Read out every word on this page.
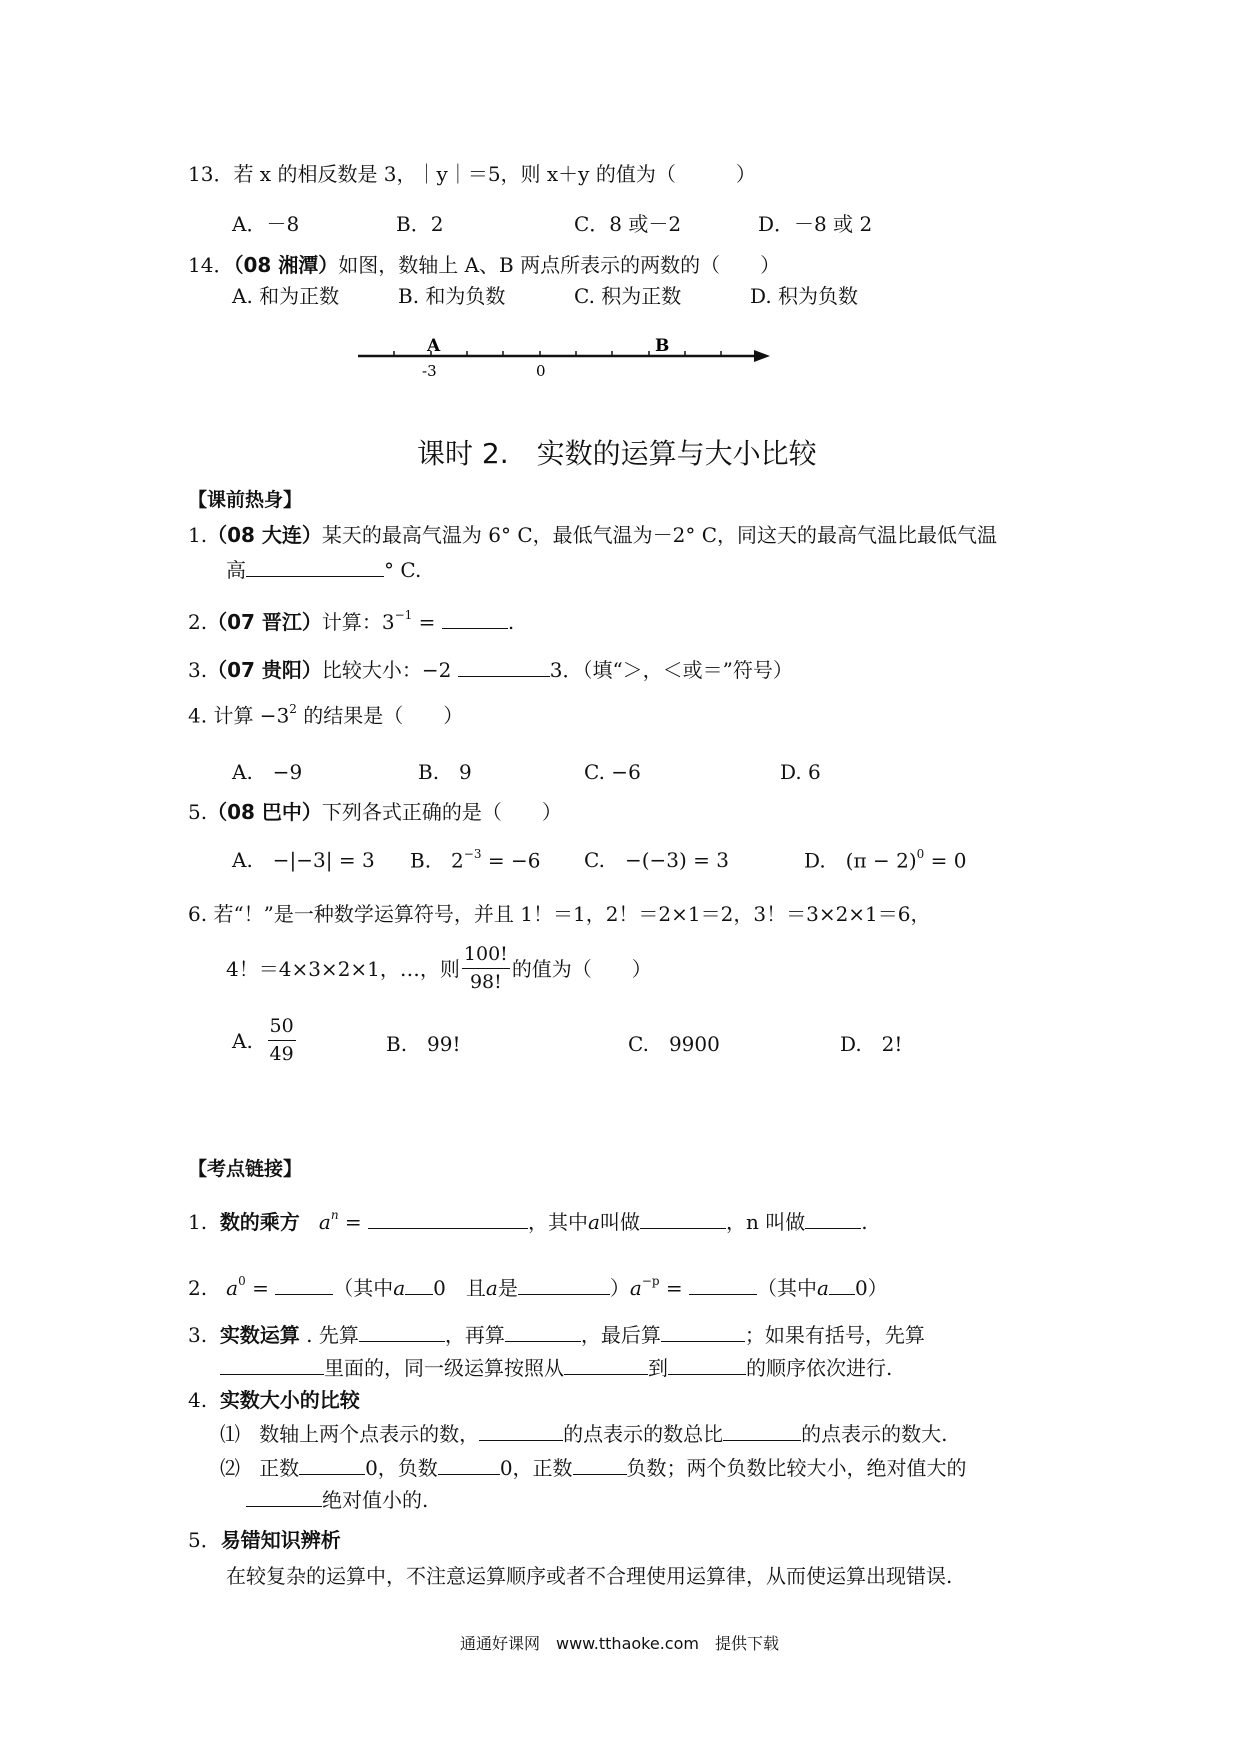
13．若 x 的相反数是 3，｜y｜＝5，则 x＋y 的值为（　　　）
A．－8	B．2	C．8 或－2	D．－8 或 2
14．（08 湘潭）如图，数轴上 A、B 两点所表示的两数的（　　）
A. 和为正数	B. 和为负数	C. 积为正数	D. 积为负数
A	B
-3	0
课时 2.　实数的运算与大小比较
【课前热身】
1.（08 大连）某天的最高气温为 6° C，最低气温为－2° C，同这天的最高气温比最低气温
高	° C.
2.（07 晋江）计算：$3^{-1}$ =	.
3.（07 贵阳）比较大小：−2	3．（填“＞，＜或＝”符号）
4. 计算 $-3^2$ 的结果是（　　）
A.　−9	B.　9	C. −6	D. 6
5.（08 巴中）下列各式正确的是（　　）
A.　−|−3| = 3 B.　$2^{-3} = -6$ C.　−(−3) = 3	D.　$(\pi - 2)^0 = 0$
6. 若“！”是一种数学运算符号，并且 1！＝1，2！＝2×1＝2，3！＝3×2×1＝6，
4！＝4×3×2×1，…，则 $\frac{100!}{98!}$ 的值为（　　）
A.
$\frac{50}{49}$	B.　99!	C.　9900	D.　2!
【考点链接】
1. 数的乘方 $a^n$ =	，其中a叫做	，n 叫做	.
2. $a^0$ =	（其中a 0　且a是	）$a^{-p}$ =	（其中a 0）
3. 实数运算 . 先算	，再算	，最后算	；如果有括号，先算
里面的，同一级运算按照从	到	的顺序依次进行.
4. 实数大小的比较
⑴ 数轴上两个点表示的数，	的点表示的数总比	的点表示的数大.
⑵ 正数	0，负数	0，正数	负数；两个负数比较大小，绝对值大的
绝对值小的.
5．易错知识辨析
在较复杂的运算中，不注意运算顺序或者不合理使用运算律，从而使运算出现错误.
通通好课网　www.tthaoke.com　提供下载
